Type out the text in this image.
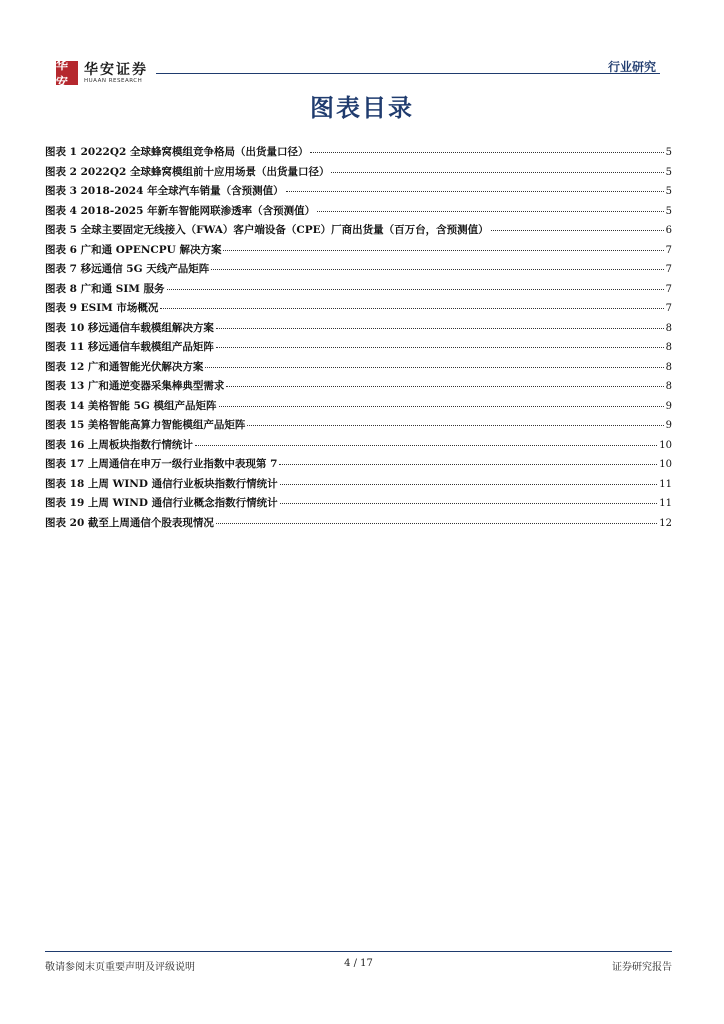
华安
华安证券
HUAAN RESEARCH
行业研究
图表目录
图表 1 2022Q2 全球蜂窝模组竞争格局（出货量口径）	5
图表 2 2022Q2 全球蜂窝模组前十应用场景（出货量口径）	5
图表 3 2018-2024 年全球汽车销量（含预测值）	5
图表 4 2018-2025 年新车智能网联渗透率（含预测值）	5
图表 5 全球主要固定无线接入（FWA）客户端设备（CPE）厂商出货量（百万台，含预测值）	6
图表 6 广和通 OPENCPU 解决方案	7
图表 7 移远通信 5G 天线产品矩阵	7
图表 8 广和通 SIM 服务	7
图表 9 ESIM 市场概况	7
图表 10 移远通信车载模组解决方案	8
图表 11 移远通信车载模组产品矩阵	8
图表 12 广和通智能光伏解决方案	8
图表 13 广和通逆变器采集棒典型需求	8
图表 14 美格智能 5G 模组产品矩阵	9
图表 15 美格智能高算力智能模组产品矩阵	9
图表 16 上周板块指数行情统计	10
图表 17 上周通信在申万一级行业指数中表现第 7	10
图表 18 上周 WIND 通信行业板块指数行情统计	11
图表 19 上周 WIND 通信行业概念指数行情统计	11
图表 20 截至上周通信个股表现情况	12
敬请参阅末页重要声明及评级说明	4 / 17	证券研究报告
